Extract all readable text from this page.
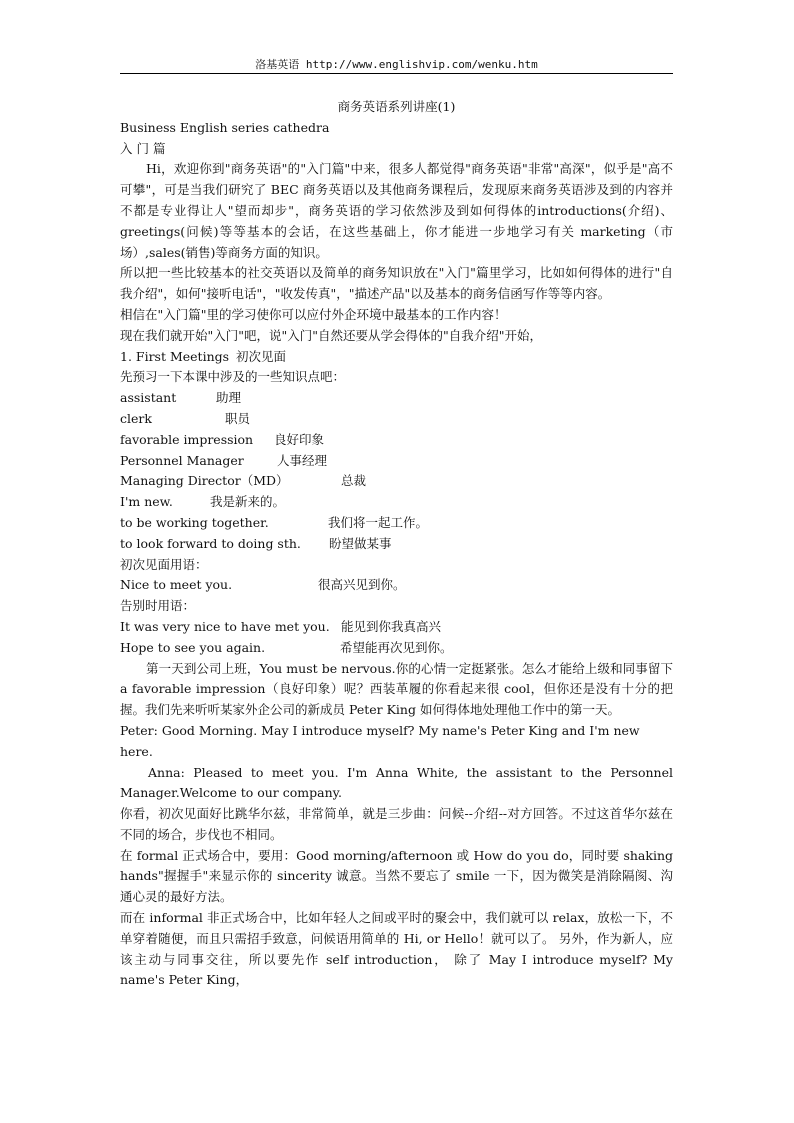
洛基英语 http://www.englishvip.com/wenku.htm

商务英语系列讲座(1)

Business English series cathedra

入 门 篇

Hi，欢迎你到"商务英语"的"入门篇"中来，很多人都觉得"商务英语"非常"高深"，似乎是"高不可攀"，可是当我们研究了 BEC 商务英语以及其他商务课程后，发现原来商务英语涉及到的内容并不都是专业得让人"望而却步"，商务英语的学习依然涉及到如何得体的introductions(介绍)、greetings(问候)等等基本的会话，在这些基础上，你才能进一步地学习有关 marketing（市场）,sales(销售)等商务方面的知识。

所以把一些比较基本的社交英语以及简单的商务知识放在"入门"篇里学习，比如如何得体的进行"自我介绍"，如何"接听电话"，"收发传真"，"描述产品"以及基本的商务信函写作等等内容。

相信在"入门篇"里的学习使你可以应付外企环境中最基本的工作内容！

现在我们就开始"入门"吧，说"入门"自然还要从学会得体的"自我介绍"开始，

1. First Meetings 初次见面

先预习一下本课中涉及的一些知识点吧：

assistant	助理

clerk	职员

favorable impression 良好印象

Personnel Manager	人事经理

Managing Director（MD）	总裁

I'm new.	我是新来的。

to be working together.	我们将一起工作。

to look forward to doing sth. 盼望做某事

初次见面用语：

Nice to meet you.	很高兴见到你。

告别时用语：

It was very nice to have met you. 能见到你我真高兴

Hope to see you again.	希望能再次见到你。

第一天到公司上班，You must be nervous.你的心情一定挺紧张。怎么才能给上级和同事留下 a favorable impression（良好印象）呢？西装革履的你看起来很 cool，但你还是没有十分的把握。我们先来听听某家外企公司的新成员 Peter King 如何得体地处理他工作中的第一天。

Peter: Good Morning. May I introduce myself? My name's Peter King and I'm new here.

Anna: Pleased to meet you. I'm Anna White, the assistant to the Personnel Manager.Welcome to our company.

你看，初次见面好比跳华尔兹，非常简单，就是三步曲：问候--介绍--对方回答。不过这首华尔兹在不同的场合，步伐也不相同。

在 formal 正式场合中，要用：Good morning/afternoon 或 How do you do，同时要 shaking hands"握握手"来显示你的 sincerity 诚意。当然不要忘了 smile 一下，因为微笑是消除隔阂、沟通心灵的最好方法。

而在 informal 非正式场合中，比如年轻人之间或平时的聚会中，我们就可以 relax，放松一下，不单穿着随便，而且只需招手致意，问候语用简单的 Hi, or Hello！就可以了。 另外，作为新人，应该主动与同事交往，所以要先作 self introduction， 除了 May I introduce myself? My name's Peter King，
